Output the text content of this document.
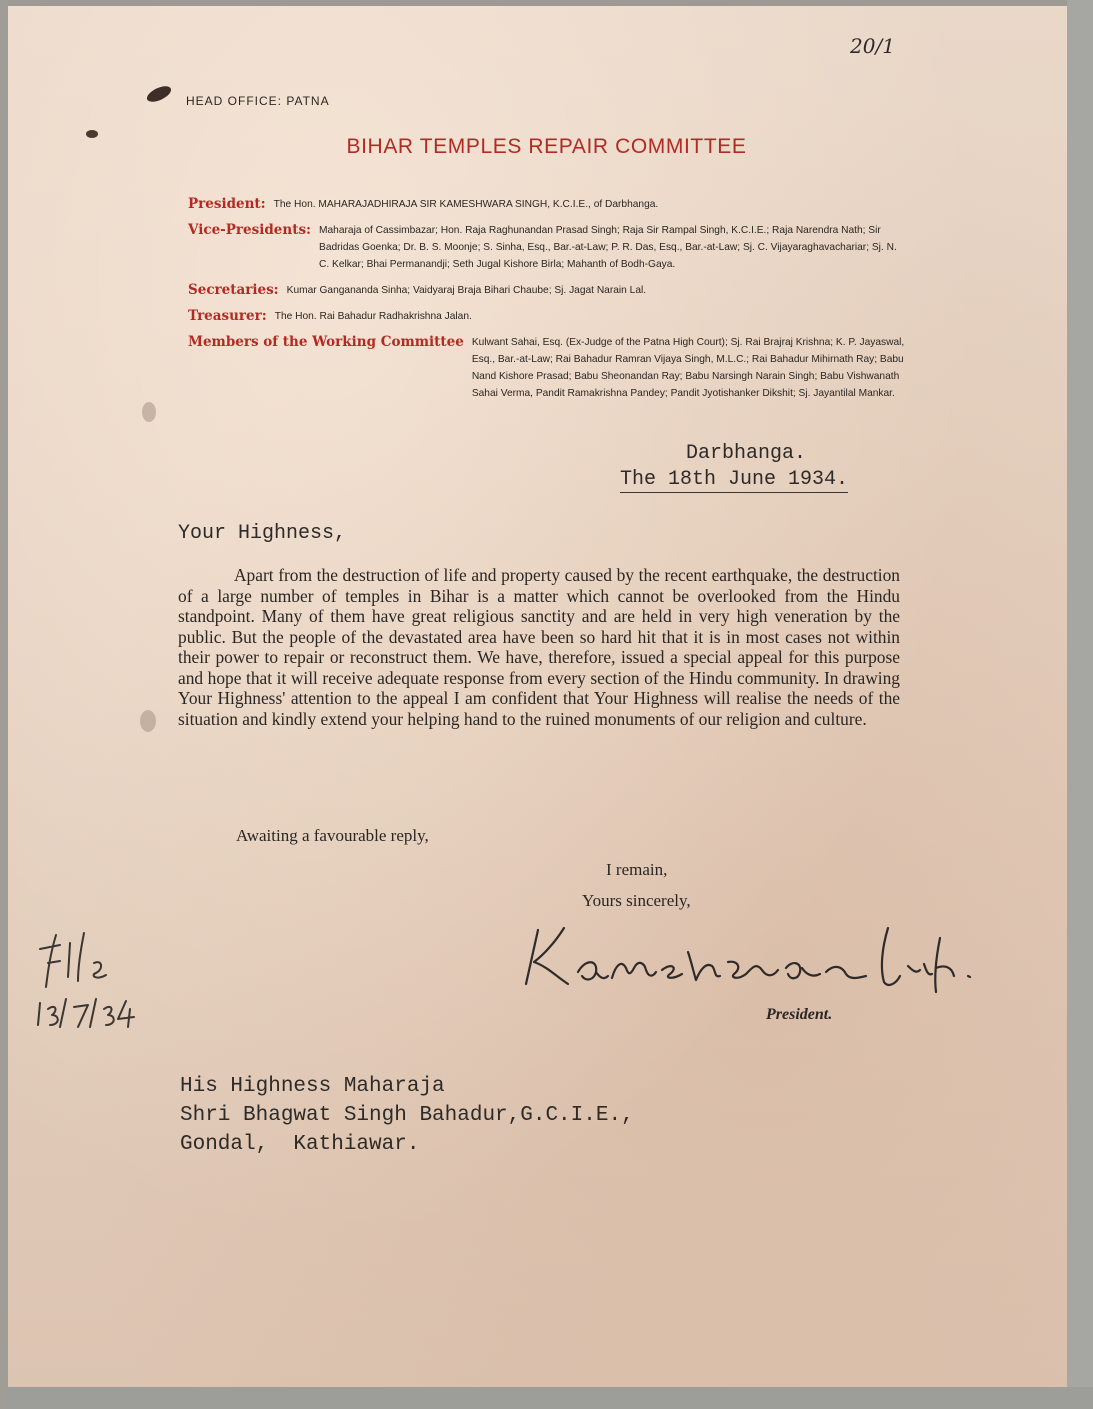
20/1
HEAD OFFICE: PATNA
BIHAR TEMPLES REPAIR COMMITTEE
President: The Hon. MAHARAJADHIRAJA SIR KAMESHWARA SINGH, K.C.I.E., of Darbhanga.
Vice-Presidents: Maharaja of Cassimbazar; Hon. Raja Raghunandan Prasad Singh; Raja Sir Rampal Singh, K.C.I.E.; Raja Narendra Nath; Sir Badridas Goenka; Dr. B. S. Moonje; S. Sinha, Esq., Bar.-at-Law; P. R. Das, Esq., Bar.-at-Law; Sj. C. Vijayaraghavachariar; Sj. N. C. Kelkar; Bhai Permanandji; Seth Jugal Kishore Birla; Mahanth of Bodh-Gaya.
Secretaries: Kumar Gangananda Sinha; Vaidyaraj Braja Bihari Chaube; Sj. Jagat Narain Lal.
Treasurer: The Hon. Rai Bahadur Radhakrishna Jalan.
Members of the Working Committee Kulwant Sahai, Esq. (Ex-Judge of the Patna High Court); Sj. Rai Brajraj Krishna; K. P. Jayaswal, Esq., Bar.-at-Law; Rai Bahadur Ramran Vijaya Singh, M.L.C.; Rai Bahadur Mihirnath Ray; Babu Nand Kishore Prasad; Babu Sheonandan Ray; Babu Narsingh Narain Singh; Babu Vishwanath Sahai Verma, Pandit Ramakrishna Pandey; Pandit Jyotishanker Dikshit; Sj. Jayantilal Mankar.
Darbhanga.
The 18th June 1934.
Your Highness,
Apart from the destruction of life and property caused by the recent earthquake, the destruction of a large number of temples in Bihar is a matter which cannot be overlooked from the Hindu standpoint. Many of them have great religious sanctity and are held in very high veneration by the public. But the people of the devastated area have been so hard hit that it is in most cases not within their power to repair or reconstruct them. We have, therefore, issued a special appeal for this purpose and hope that it will receive adequate response from every section of the Hindu community. In drawing Your Highness' attention to the appeal I am confident that Your Highness will realise the needs of the situation and kindly extend your helping hand to the ruined monuments of our religion and culture.
Awaiting a favourable reply,
I remain,
Yours sincerely,
President.
His Highness Maharaja
Shri Bhagwat Singh Bahadur,G.C.I.E.,
Gondal,  Kathiawar.
